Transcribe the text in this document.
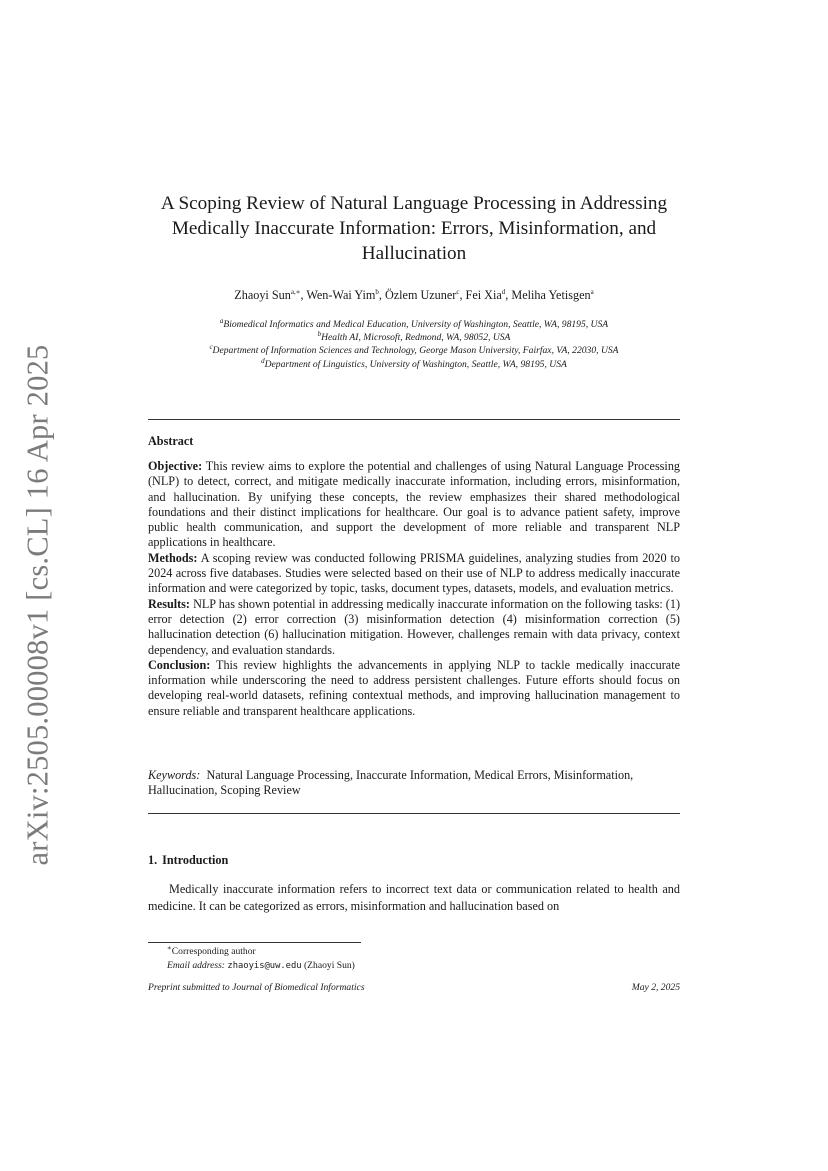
arXiv:2505.00008v1 [cs.CL] 16 Apr 2025
A Scoping Review of Natural Language Processing in Addressing Medically Inaccurate Information: Errors, Misinformation, and Hallucination
Zhaoyi Sun$^{a,∗}$, Wen-Wai Yim$^b$, Özlem Uzuner$^c$, Fei Xia$^d$, Meliha Yetisgen$^a$
$^a$Biomedical Informatics and Medical Education, University of Washington, Seattle, WA, 98195, USA
$^b$Health AI, Microsoft, Redmond, WA, 98052, USA
$^c$Department of Information Sciences and Technology, George Mason University, Fairfax, VA, 22030, USA
$^d$Department of Linguistics, University of Washington, Seattle, WA, 98195, USA
Abstract

Objective: This review aims to explore the potential and challenges of using Natural Language Processing (NLP) to detect, correct, and mitigate medically inaccurate information, including errors, misinformation, and hallucination. By unifying these concepts, the review emphasizes their shared methodological foundations and their distinct implications for healthcare. Our goal is to advance patient safety, improve public health communication, and support the development of more reliable and transparent NLP applications in healthcare.

Methods: A scoping review was conducted following PRISMA guidelines, analyzing studies from 2020 to 2024 across five databases. Studies were selected based on their use of NLP to address medically inaccurate information and were categorized by topic, tasks, document types, datasets, models, and evaluation metrics.

Results: NLP has shown potential in addressing medically inaccurate information on the following tasks: (1) error detection (2) error correction (3) misinformation detection (4) misinformation correction (5) hallucination detection (6) hallucination mitigation. However, challenges remain with data privacy, context dependency, and evaluation standards.

Conclusion: This review highlights the advancements in applying NLP to tackle medically inaccurate information while underscoring the need to address persistent challenges. Future efforts should focus on developing real-world datasets, refining contextual methods, and improving hallucination management to ensure reliable and transparent healthcare applications.

Keywords: Natural Language Processing, Inaccurate Information, Medical Errors, Misinformation, Hallucination, Scoping Review
1. Introduction
Medically inaccurate information refers to incorrect text data or communication related to health and medicine. It can be categorized as errors, misinformation and hallucination based on
∗Corresponding author
Email address: zhaoyis@uw.edu (Zhaoyi Sun)
Preprint submitted to Journal of Biomedical Informatics	May 2, 2025
